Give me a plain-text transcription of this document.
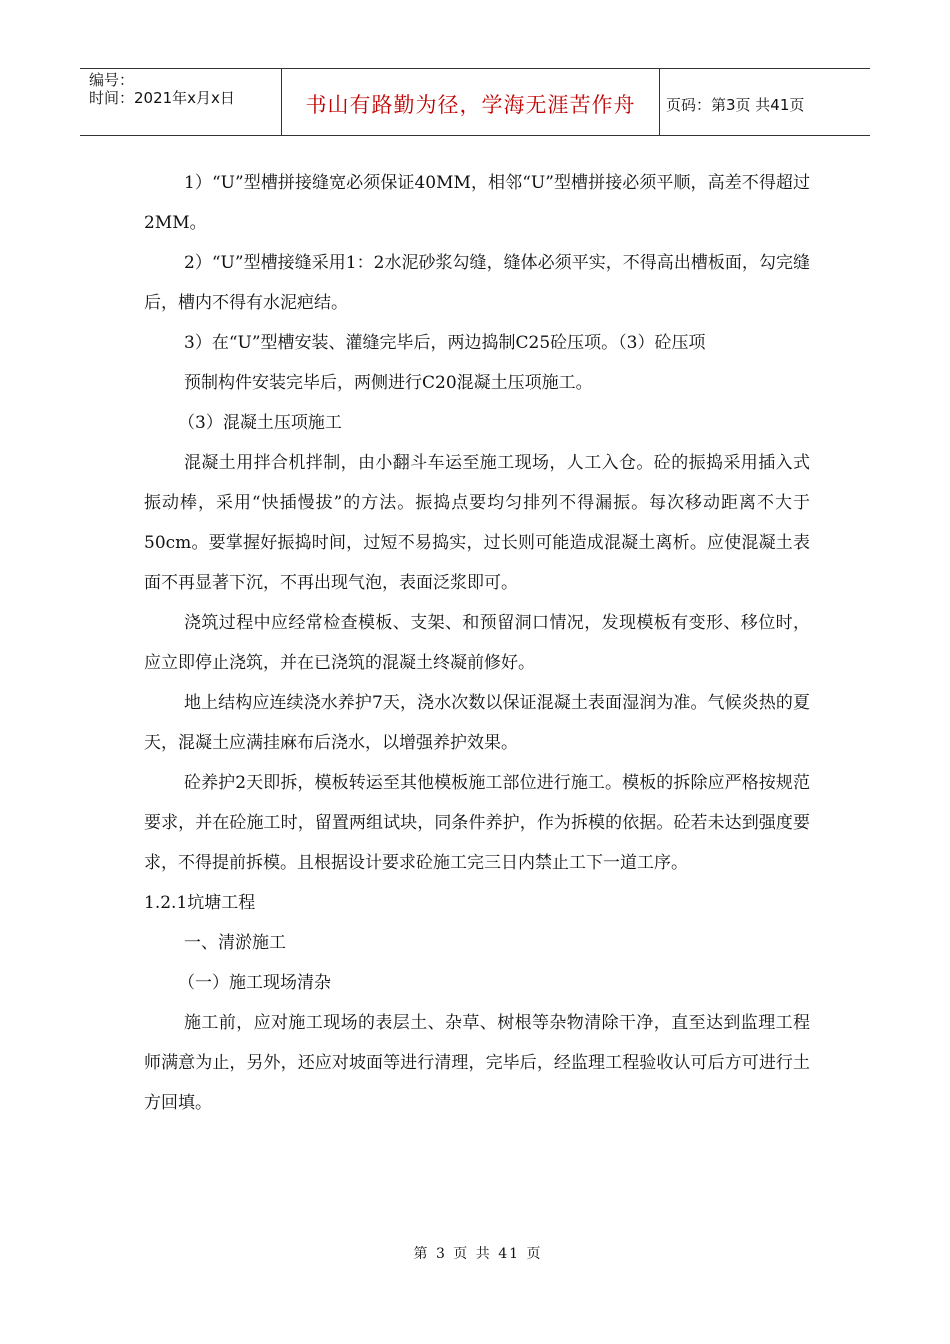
编号：
时间：2021年x月x日	书山有路勤为径，学海无涯苦作舟	页码：第3页 共41页

1）“U”型槽拼接缝宽必须保证40MM，相邻“U”型槽拼接必须平顺，高差不得超过2MM。

2）“U”型槽接缝采用1：2水泥砂浆勾缝，缝体必须平实，不得高出槽板面，勾完缝后，槽内不得有水泥疤结。

3）在“U”型槽安装、灌缝完毕后，两边捣制C25砼压项。（3）砼压项

预制构件安装完毕后，两侧进行C20混凝土压项施工。

（3）混凝土压项施工

混凝土用拌合机拌制，由小翻斗车运至施工现场，人工入仓。砼的振捣采用插入式振动棒，采用“快插慢拔”的方法。振捣点要均匀排列不得漏振。每次移动距离不大于50cm。要掌握好振捣时间，过短不易捣实，过长则可能造成混凝土离析。应使混凝土表面不再显著下沉，不再出现气泡，表面泛浆即可。

浇筑过程中应经常检查模板、支架、和预留洞口情况，发现模板有变形、移位时，应立即停止浇筑，并在已浇筑的混凝土终凝前修好。

地上结构应连续浇水养护7天，浇水次数以保证混凝土表面湿润为准。气候炎热的夏天，混凝土应满挂麻布后浇水，以增强养护效果。

砼养护2天即拆，模板转运至其他模板施工部位进行施工。模板的拆除应严格按规范要求，并在砼施工时，留置两组试块，同条件养护，作为拆模的依据。砼若未达到强度要求，不得提前拆模。且根据设计要求砼施工完三日内禁止工下一道工序。

1.2.1坑塘工程

一、清淤施工

（一）施工现场清杂

施工前，应对施工现场的表层土、杂草、树根等杂物清除干净，直至达到监理工程师满意为止，另外，还应对坡面等进行清理，完毕后，经监理工程验收认可后方可进行土方回填。

第 3 页 共 41 页
